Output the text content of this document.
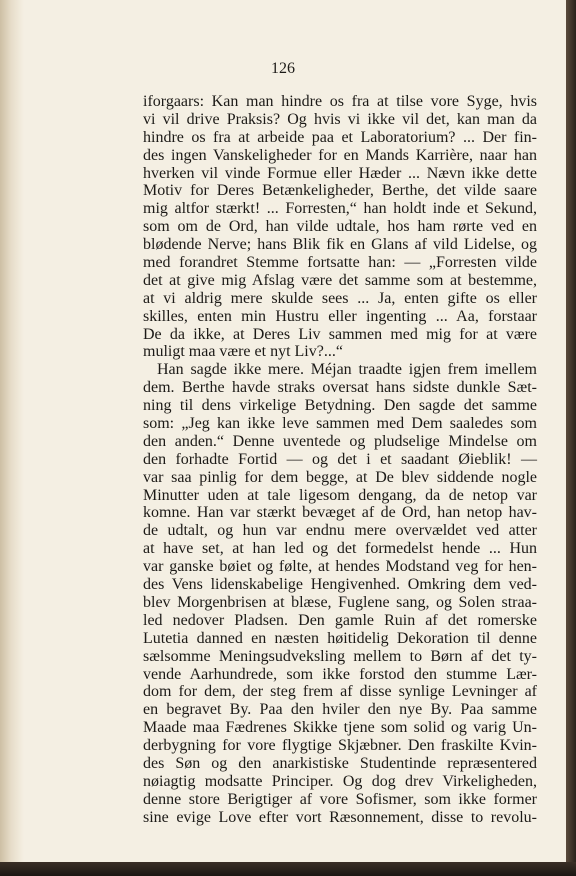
126
iforgaars: Kan man hindre os fra at tilse vore Syge, hvis
vi vil drive Praksis? Og hvis vi ikke vil det, kan man da
hindre os fra at arbeide paa et Laboratorium? ... Der fin-
des ingen Vanskeligheder for en Mands Karrière, naar han
hverken vil vinde Formue eller Hæder ... Nævn ikke dette
Motiv for Deres Betænkeligheder, Berthe, det vilde saare
mig altfor stærkt! ... Forresten,“ han holdt inde et Sekund,
som om de Ord, han vilde udtale, hos ham rørte ved en
blødende Nerve; hans Blik fik en Glans af vild Lidelse, og
med forandret Stemme fortsatte han: — „Forresten vilde
det at give mig Afslag være det samme som at bestemme,
at vi aldrig mere skulde sees ... Ja, enten gifte os eller
skilles, enten min Hustru eller ingenting ... Aa, forstaar
De da ikke, at Deres Liv sammen med mig for at være
muligt maa være et nyt Liv?...“
Han sagde ikke mere. Méjan traadte igjen frem imellem
dem. Berthe havde straks oversat hans sidste dunkle Sæt-
ning til dens virkelige Betydning. Den sagde det samme
som: „Jeg kan ikke leve sammen med Dem saaledes som
den anden.“ Denne uventede og pludselige Mindelse om
den forhadte Fortid — og det i et saadant Øieblik! —
var saa pinlig for dem begge, at De blev siddende nogle
Minutter uden at tale ligesom dengang, da de netop var
komne. Han var stærkt bevæget af de Ord, han netop hav-
de udtalt, og hun var endnu mere overvældet ved atter
at have set, at han led og det formedelst hende ... Hun
var ganske bøiet og følte, at hendes Modstand veg for hen-
des Vens lidenskabelige Hengivenhed. Omkring dem ved-
blev Morgenbrisen at blæse, Fuglene sang, og Solen straa-
led nedover Pladsen. Den gamle Ruin af det romerske
Lutetia danned en næsten høitidelig Dekoration til denne
sælsomme Meningsudveksling mellem to Børn af det ty-
vende Aarhundrede, som ikke forstod den stumme Lær-
dom for dem, der steg frem af disse synlige Levninger af
en begravet By. Paa den hviler den nye By. Paa samme
Maade maa Fædrenes Skikke tjene som solid og varig Un-
derbygning for vore flygtige Skjæbner. Den fraskilte Kvin-
des Søn og den anarkistiske Studentinde repræsentered
nøiagtig modsatte Principer. Og dog drev Virkeligheden,
denne store Berigtiger af vore Sofismer, som ikke former
sine evige Love efter vort Ræsonnement, disse to revolu-
